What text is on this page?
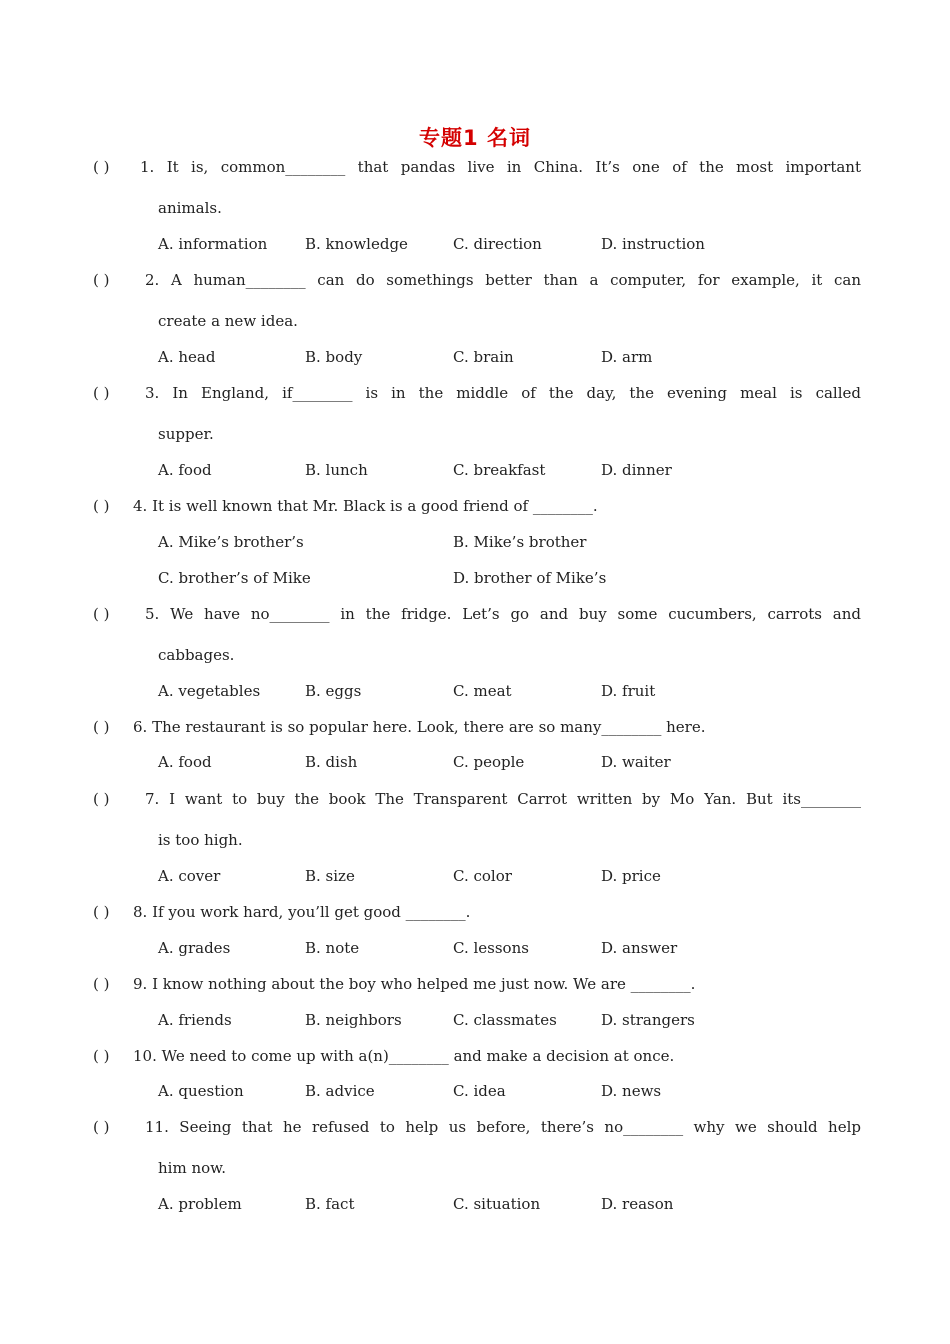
专题1 名词
( ) 1. It is, common________ that pandas live in China. It’s one of the most important
animals.
A. information	B. knowledge	C. direction	D. instruction
( ) 2. A human________ can do somethings better than a computer, for example, it can
create a new idea.
A. head	B. body	C. brain	D. arm
( ) 3. In England, if________ is in the middle of the day, the evening meal is called
supper.
A. food	B. lunch	C. breakfast	D. dinner
( ) 4. It is well known that Mr. Black is a good friend of ________.
A. Mike’s brother’s	B. Mike’s brother
C. brother’s of Mike	D. brother of Mike’s
( ) 5. We have no________ in the fridge. Let’s go and buy some cucumbers, carrots and
cabbages.
A. vegetables	B. eggs	C. meat	D. fruit
( ) 6. The restaurant is so popular here. Look, there are so many________ here.
A. food	B. dish	C. people	D. waiter
( ) 7. I want to buy the book The Transparent Carrot written by Mo Yan. But its________
is too high.
A. cover	B. size	C. color	D. price
( ) 8. If you work hard, you’ll get good ________.
A. grades	B. note	C. lessons	D. answer
( ) 9. I know nothing about the boy who helped me just now. We are ________.
A. friends	B. neighbors	C. classmates	D. strangers
( ) 10. We need to come up with a(n)________ and make a decision at once.
A. question	B. advice	C. idea	D. news
( ) 11. Seeing that he refused to help us before, there’s no________ why we should help
him now.
A. problem	B. fact	C. situation	D. reason
